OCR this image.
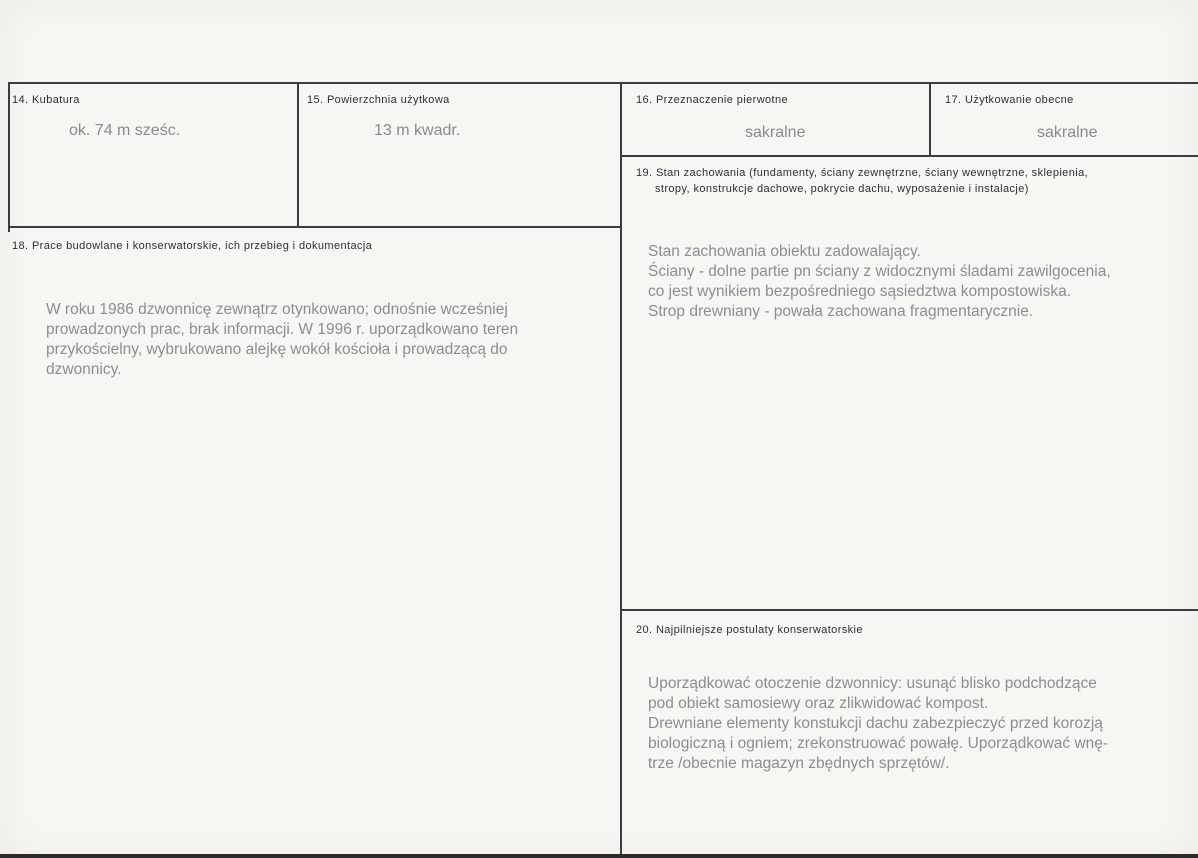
14. Kubatura
ok. 74 m sześc.
15. Powierzchnia użytkowa
13 m kwadr.
16. Przeznaczenie pierwotne
sakralne
17. Użytkowanie obecne
sakralne
18. Prace budowlane i konserwatorskie, ich przebieg i dokumentacja

W roku 1986 dzwonnicę zewnątrz otynkowano; odnośnie wcześniej

prowadzonych prac, brak informacji. W 1996 r. uporządkowano teren

przykościelny, wybrukowano alejkę wokół kościoła i prowadzącą do

dzwonnicy.

19. Stan zachowania (fundamenty, ściany zewnętrzne, ściany wewnętrzne, sklepienia,
stropy, konstrukcje dachowe, pokrycie dachu, wyposażenie i instalacje)

Stan zachowania obiektu zadowalający.

Ściany - dolne partie pn ściany z widocznymi śladami zawilgocenia,

co jest wynikiem bezpośredniego sąsiedztwa kompostowiska.

Strop drewniany - powała zachowana fragmentarycznie.

20. Najpilniejsze postulaty konserwatorskie

Uporządkować otoczenie dzwonnicy: usunąć blisko podchodzące

pod obiekt samosiewy oraz zlikwidować kompost.

Drewniane elementy konstukcji dachu zabezpieczyć przed korozją

biologiczną i ogniem; zrekonstruować powałę. Uporządkować wnę-

trze /obecnie magazyn zbędnych sprzętów/.
